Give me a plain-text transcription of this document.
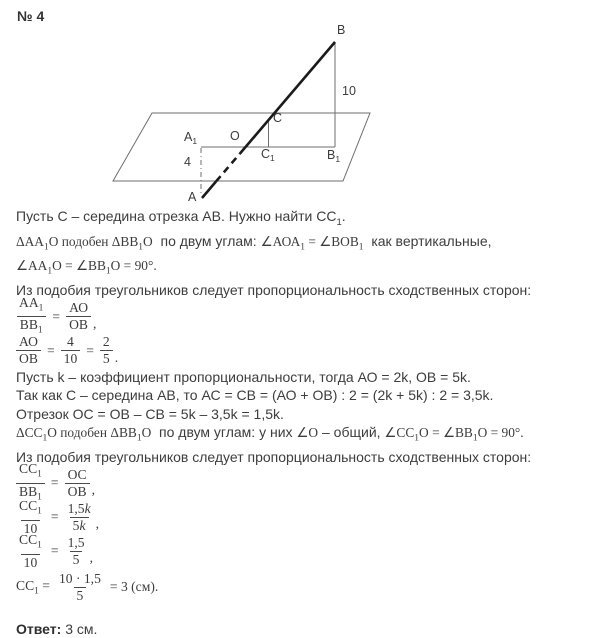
№ 4
B
10
C
O
$A_1$
$C_1$	$B_1$
4
A

Пусть С – середина отрезка АВ. Нужно найти $СС_1$.

$\Delta АА_1О$ подобен $\Delta ВВ_1О$  по двум углам: $\angle АОА_1$ = $\angle ВОВ_1$  как вертикальные,

$\angle АА_1О$ = $\angle ВВ_1О = 90^\circ$.

Из подобия треугольников следует пропорциональность сходственных сторон:

$\frac{АА_1}{ВВ_1} = \frac{АО}{ОВ}$ ,
$\frac{АО}{ОВ} = \frac{4}{10} = \frac{2}{5}$ .

Пусть k – коэффициент пропорциональности, тогда АО = 2k, ОВ = 5k.

Так как С – середина АВ, то АС = СВ = (АО + ОВ) : 2 = (2k + 5k) : 2 = 3,5k.

Отрезок ОС = ОВ – СВ = 5k – 3,5k = 1,5k.

$\Delta СС_1О$ подобен $\Delta ВВ_1О$  по двум углам: у них ∠О – общий, $\angle СС_1О$ = $\angle ВВ_1О = 90^\circ$.

Из подобия треугольников следует пропорциональность сходственных сторон:

$\frac{СС_1}{ВВ_1} = \frac{ОС}{ОВ}$ ,
$\frac{СС_1}{10} = \frac{1,5k}{5k}$ ,
$\frac{СС_1}{10} = \frac{1,5}{5}$ ,
$СС_1 = \frac{10 \cdot 1,5}{5} = 3$ (см).

Ответ: 3 см.
